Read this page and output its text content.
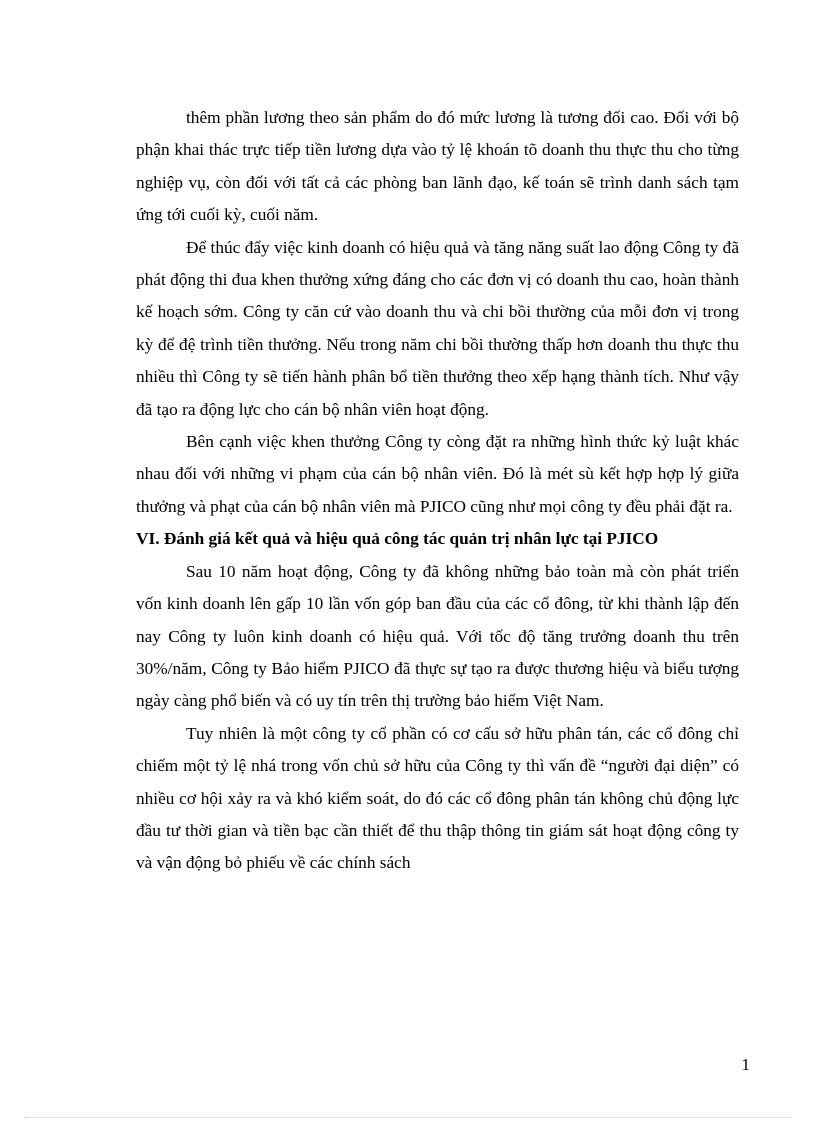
thêm phần lương theo sản phẩm do đó mức lương là tương đối cao. Đối với bộ phận khai thác trực tiếp tiền lương dựa vào tỷ lệ khoán tõ doanh thu thực thu cho từng nghiệp vụ, còn đối với tất cả các phòng ban lãnh đạo, kế toán sẽ trình danh sách tạm ứng tới cuối kỳ, cuối năm.

Để thúc đẩy việc kinh doanh có hiệu quả và tăng năng suất lao động Công ty đã phát động thi đua khen thưởng xứng đáng cho các đơn vị có doanh thu cao, hoàn thành kế hoạch sớm. Công ty căn cứ vào doanh thu và chi bồi thường của mỗi đơn vị trong kỳ để đệ trình tiền thưởng. Nếu trong năm chi bồi thường thấp hơn doanh thu thực thu nhiều thì Công ty sẽ tiến hành phân bổ tiền thưởng theo xếp hạng thành tích. Như vậy đã tạo ra động lực cho cán bộ nhân viên hoạt động.

Bên cạnh việc khen thưởng Công ty còng đặt ra những hình thức kỷ luật khác nhau đối với những vi phạm của cán bộ nhân viên. Đó là mét sù kết hợp hợp lý giữa thưởng và phạt của cán bộ nhân viên mà PJICO cũng như mọi công ty đều phải đặt ra.

VI. Đánh giá kết quả và hiệu quả công tác quản trị nhân lực tại PJICO

Sau 10 năm hoạt động, Công ty đã không những bảo toàn mà còn phát triển vốn kinh doanh lên gấp 10 lần vốn góp ban đầu của các cổ đông, từ khi thành lập đến nay Công ty luôn kinh doanh có hiệu quả. Với tốc độ tăng trưởng doanh thu trên 30%/năm, Công ty Bảo hiểm PJICO đã thực sự tạo ra được thương hiệu và biểu tượng ngày càng phổ biến và có uy tín trên thị trường bảo hiểm Việt Nam.

Tuy nhiên là một công ty cổ phần có cơ cấu sở hữu phân tán, các cổ đông chỉ chiếm một tỷ lệ nhá trong vốn chủ sở hữu của Công ty thì vấn đề “người đại diện” có nhiều cơ hội xảy ra và khó kiểm soát, do đó các cổ đông phân tán không chủ động lực đầu tư thời gian và tiền bạc cần thiết để thu thập thông tin giám sát hoạt động công ty và vận động bỏ phiếu về các chính sách

1
